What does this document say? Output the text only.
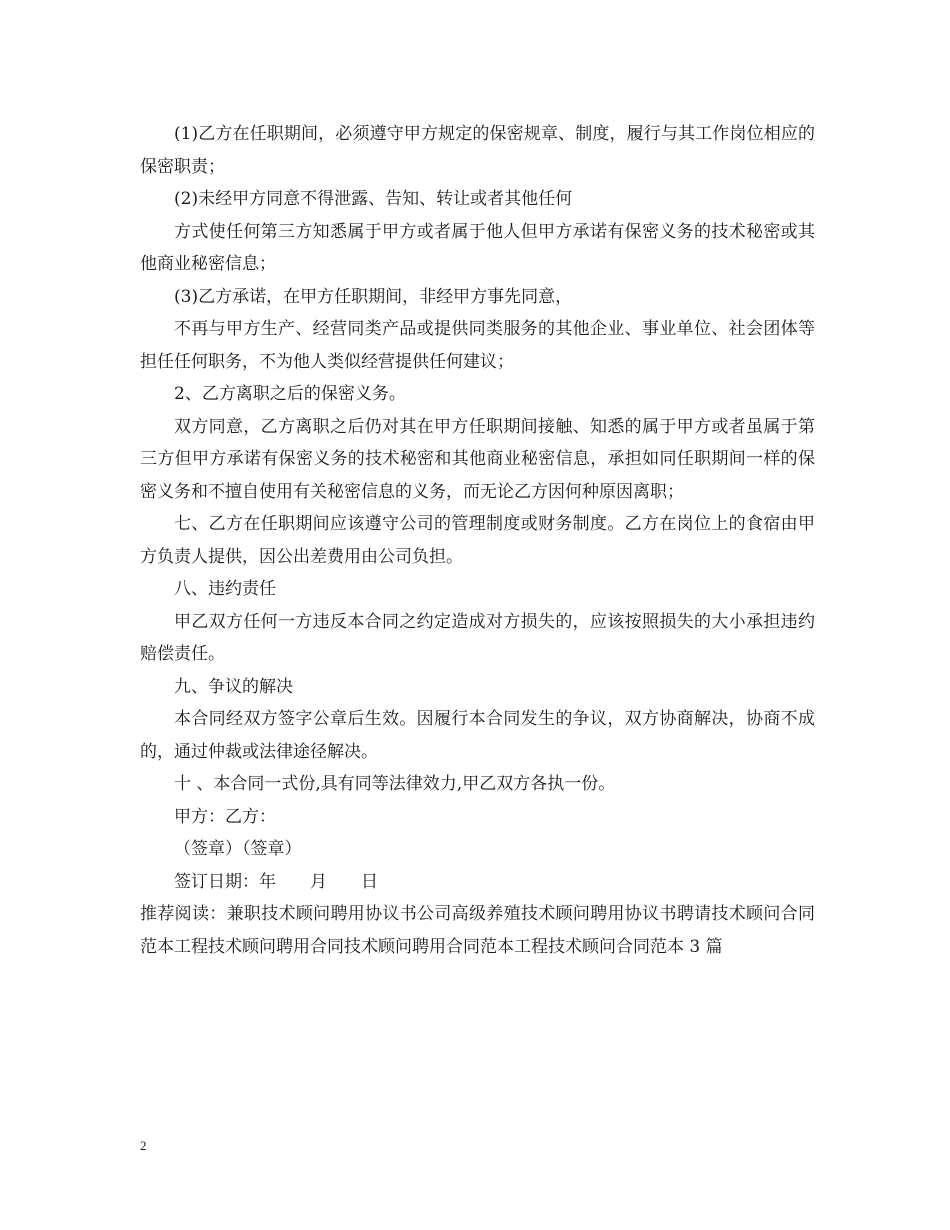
(1)乙方在任职期间，必须遵守甲方规定的保密规章、制度，履行与其工作岗位相应的保密职责；

(2)未经甲方同意不得泄露、告知、转让或者其他任何

方式使任何第三方知悉属于甲方或者属于他人但甲方承诺有保密义务的技术秘密或其他商业秘密信息；

(3)乙方承诺，在甲方任职期间，非经甲方事先同意，

不再与甲方生产、经营同类产品或提供同类服务的其他企业、事业单位、社会团体等担任任何职务，不为他人类似经营提供任何建议；

2、乙方离职之后的保密义务。

双方同意，乙方离职之后仍对其在甲方任职期间接触、知悉的属于甲方或者虽属于第三方但甲方承诺有保密义务的技术秘密和其他商业秘密信息，承担如同任职期间一样的保密义务和不擅自使用有关秘密信息的义务，而无论乙方因何种原因离职；

七、乙方在任职期间应该遵守公司的管理制度或财务制度。乙方在岗位上的食宿由甲方负责人提供，因公出差费用由公司负担。

八、违约责任

甲乙双方任何一方违反本合同之约定造成对方损失的，应该按照损失的大小承担违约赔偿责任。

九、争议的解决

本合同经双方签字公章后生效。因履行本合同发生的争议，双方协商解决，协商不成的，通过仲裁或法律途径解决。

十 、本合同一式份,具有同等法律效力,甲乙双方各执一份。

甲方：乙方：

（签章）（签章）

签订日期：年　　月　　日

推荐阅读：兼职技术顾问聘用协议书公司高级养殖技术顾问聘用协议书聘请技术顾问合同范本工程技术顾问聘用合同技术顾问聘用合同范本工程技术顾问合同范本 3 篇

2
